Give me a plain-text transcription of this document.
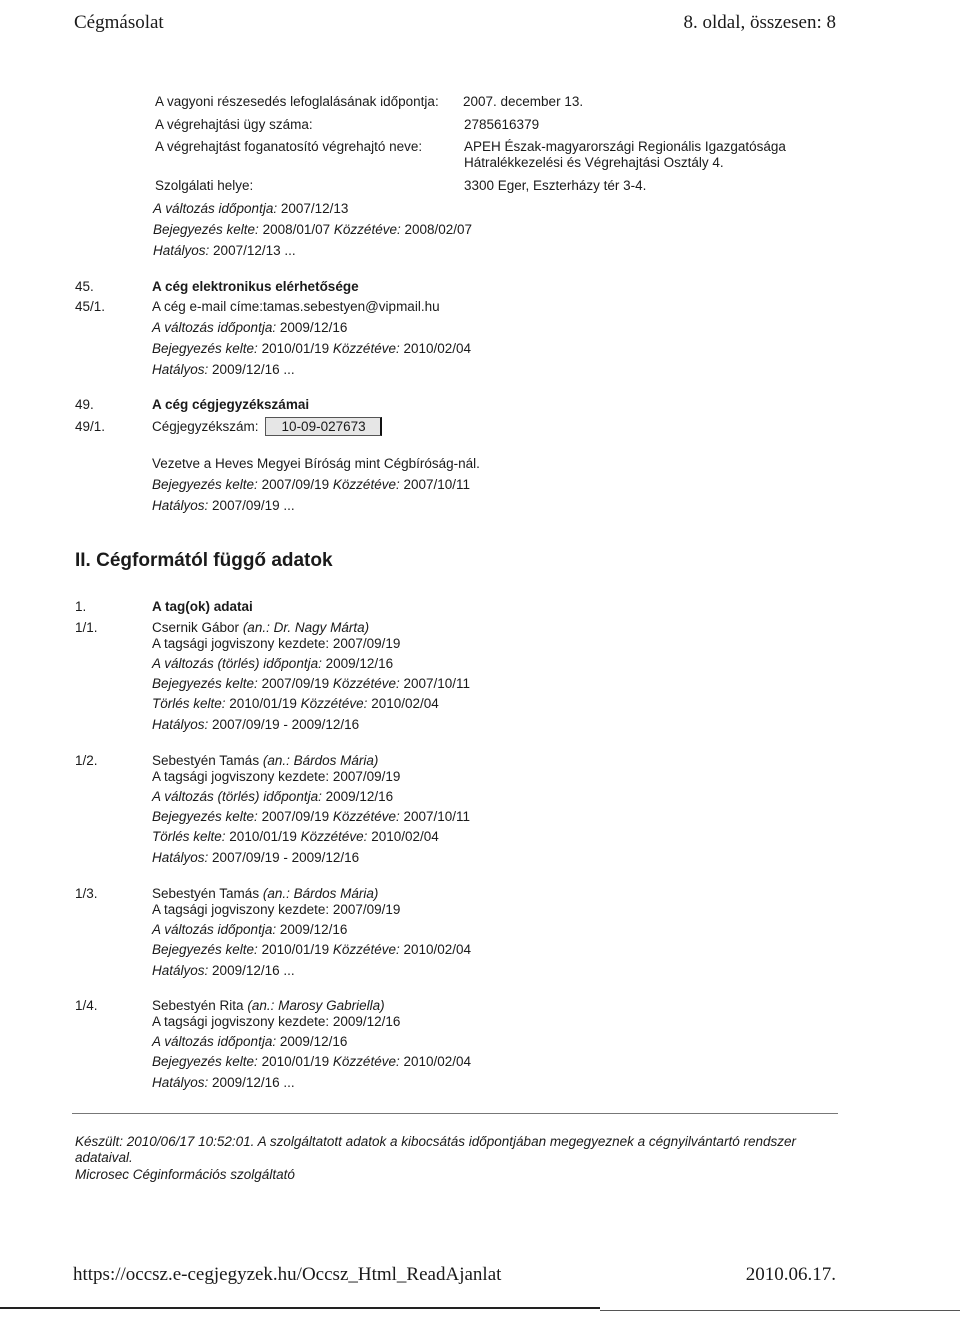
Cégmásolat	8. oldal, összesen: 8
A vagyoni részesedés lefoglalásának időpontja: 2007. december 13.
A végrehajtási ügy száma:	2785616379
A végrehajtást foganatosító végrehajtó neve:	APEH Észak-magyarországi Regionális Igazgatósága
Hátralékkezelési és Végrehajtási Osztály 4.
Szolgálati helye:	3300 Eger, Eszterházy tér 3-4.
A változás időpontja: 2007/12/13
Bejegyezés kelte: 2008/01/07 Közzétéve: 2008/02/07
Hatályos: 2007/12/13 ...
45.	A cég elektronikus elérhetősége
45/1.	A cég e-mail címe:tamas.sebestyen@vipmail.hu
A változás időpontja: 2009/12/16
Bejegyezés kelte: 2010/01/19 Közzétéve: 2010/02/04
Hatályos: 2009/12/16 ...
49.	A cég cégjegyzékszámai
49/1.	Cégjegyzékszám: 10-09-027673
Vezetve a Heves Megyei Bíróság mint Cégbíróság-nál.
Bejegyezés kelte: 2007/09/19 Közzétéve: 2007/10/11
Hatályos: 2007/09/19 ...
II. Cégformától függő adatok
1.	A tag(ok) adatai
1/1.	Csernik Gábor (an.: Dr. Nagy Márta)
A tagsági jogviszony kezdete: 2007/09/19
A változás (törlés) időpontja: 2009/12/16
Bejegyezés kelte: 2007/09/19 Közzétéve: 2007/10/11
Törlés kelte: 2010/01/19 Közzétéve: 2010/02/04
Hatályos: 2007/09/19 - 2009/12/16
1/2.	Sebestyén Tamás (an.: Bárdos Mária)
A tagsági jogviszony kezdete: 2007/09/19
A változás (törlés) időpontja: 2009/12/16
Bejegyezés kelte: 2007/09/19 Közzétéve: 2007/10/11
Törlés kelte: 2010/01/19 Közzétéve: 2010/02/04
Hatályos: 2007/09/19 - 2009/12/16
1/3.	Sebestyén Tamás (an.: Bárdos Mária)
A tagsági jogviszony kezdete: 2007/09/19
A változás időpontja: 2009/12/16
Bejegyezés kelte: 2010/01/19 Közzétéve: 2010/02/04
Hatályos: 2009/12/16 ...
1/4.	Sebestyén Rita (an.: Marosy Gabriella)
A tagsági jogviszony kezdete: 2009/12/16
A változás időpontja: 2009/12/16
Bejegyezés kelte: 2010/01/19 Közzétéve: 2010/02/04
Hatályos: 2009/12/16 ...
Készült: 2010/06/17 10:52:01. A szolgáltatott adatok a kibocsátás időpontjában megegyeznek a cégnyilvántartó rendszer adataival.
Microsec Céginformációs szolgáltató
https://occsz.e-cegjegyzek.hu/Occsz_Html_ReadAjanlat	2010.06.17.
